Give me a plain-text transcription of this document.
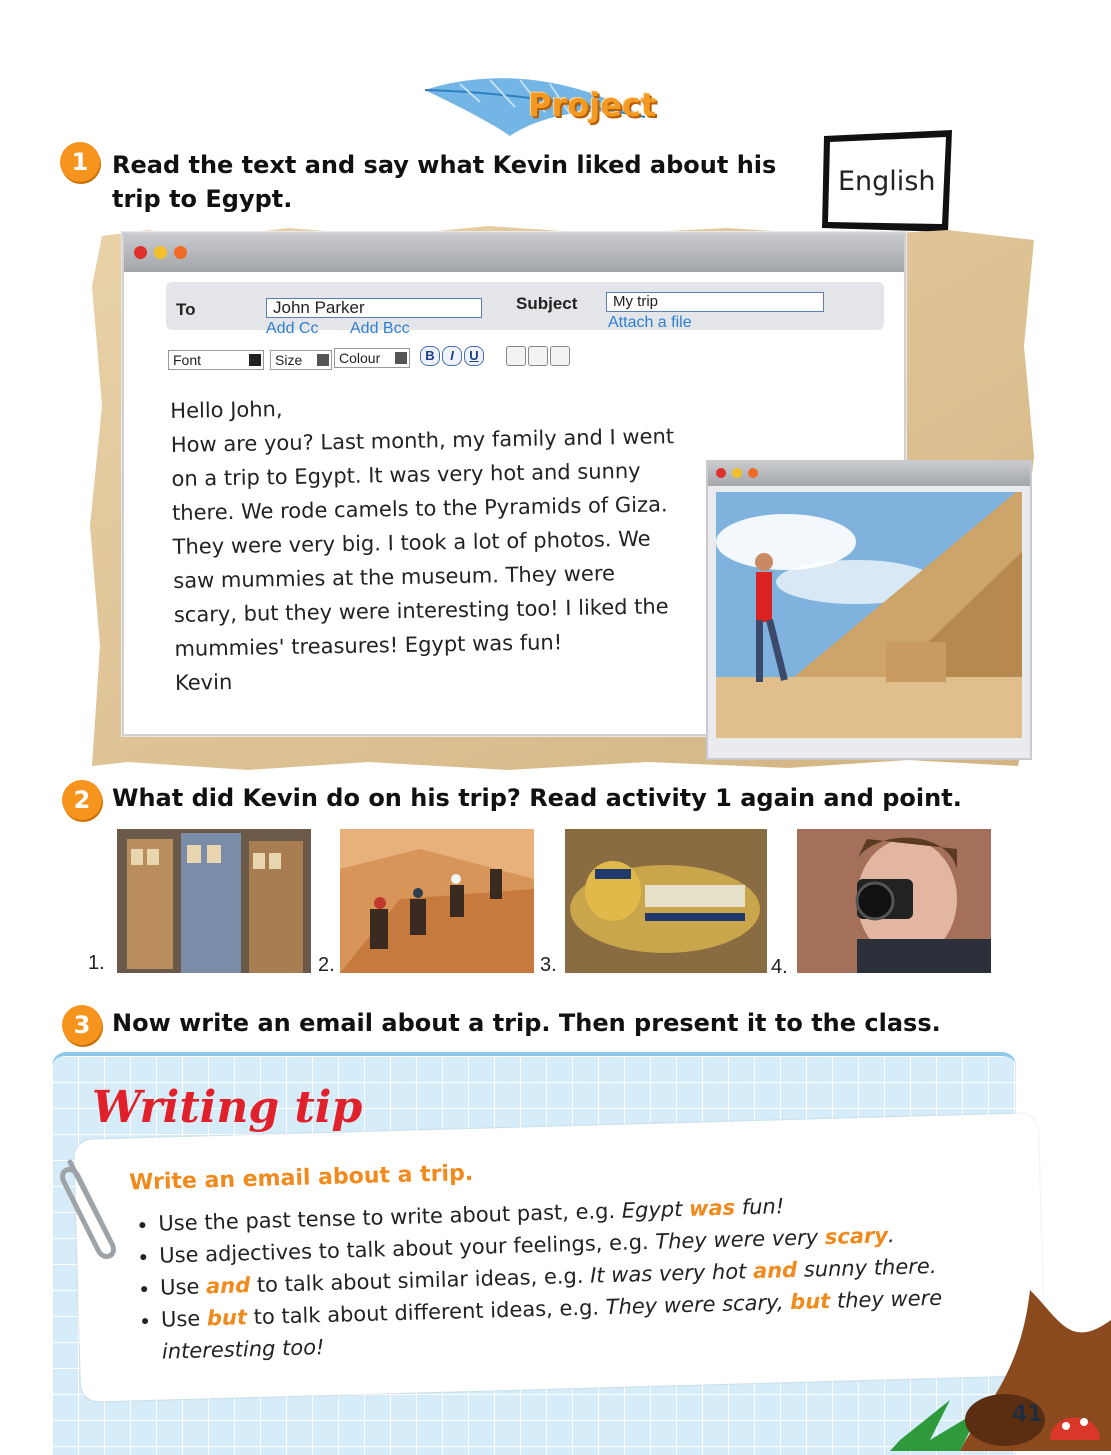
Project
1 Read the text and say what Kevin liked about his
trip to Egypt.
English
To	John Parker
Add Cc Add Bcc
Subject	My trip
Attach a file
Font	Size	Colour	B	I	U
Hello John,
How are you? Last month, my family and I went
on a trip to Egypt. It was very hot and sunny
there. We rode camels to the Pyramids of Giza.
They were very big. I took a lot of photos. We
saw mummies at the museum. They were
scary, but they were interesting too! I liked the
mummies' treasures! Egypt was fun!
Kevin
2 What did Kevin do on his trip? Read activity 1 again and point.
1.	2.	3.	4.
3 Now write an email about a trip. Then present it to the class.
Writing tip
Write an email about a trip.
• Use the past tense to write about past, e.g. Egypt was fun!
• Use adjectives to talk about your feelings, e.g. They were very scary.
• Use and to talk about similar ideas, e.g. It was very hot and sunny there.
• Use but to talk about different ideas, e.g. They were scary, but they were interesting too!
41
